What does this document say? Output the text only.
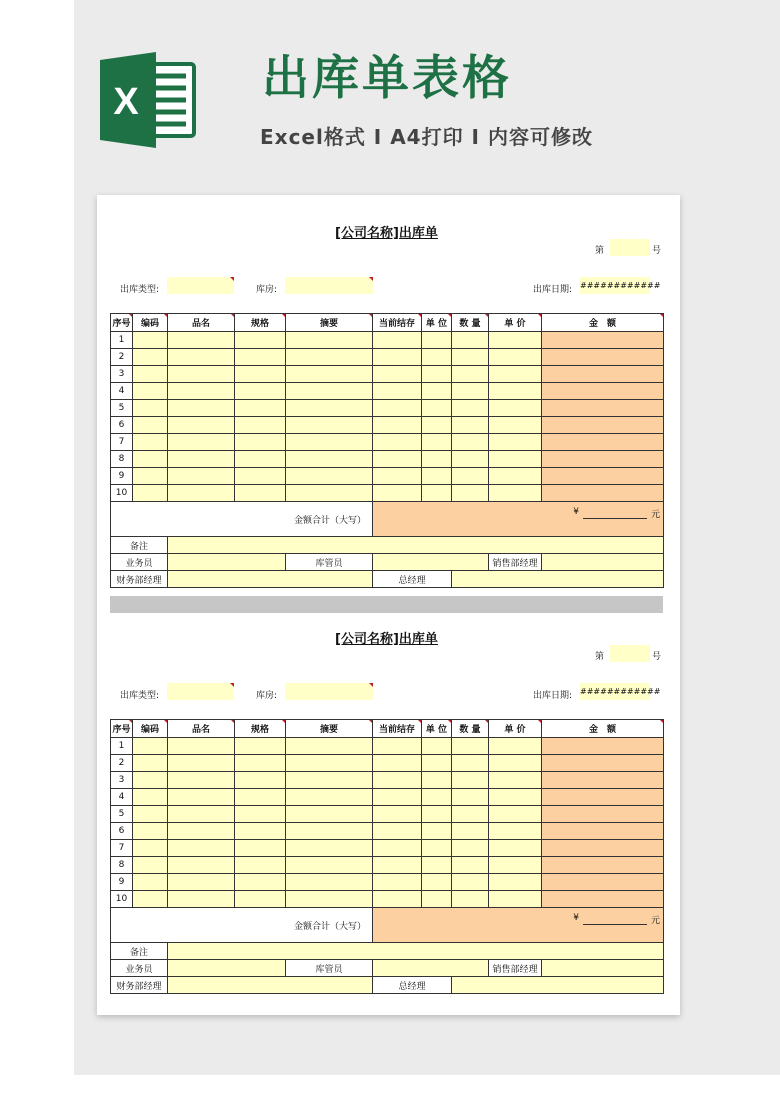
X	出库单表格
Excel格式 I A4打印 I 内容可修改
[公司名称]出库单
第	号
出库类型:	库房:	出库日期: ############
序号	编码	品名	规格	摘要	当前结存	单 位	数 量	单 价	金　额
1									
2									
3									
4									
5									
6									
7									
8									
9									
10									
金额合计（大写）					¥ 元				

备注									
业务员				库管员				销售部经理	
财务部经理					总经理				
[公司名称]出库单
第	号
出库类型:	库房:	出库日期: ############
序号	编码	品名	规格	摘要	当前结存	单 位	数 量	单 价	金　额
1									
2									
3									
4									
5									
6									
7									
8									
9									
10									
金额合计（大写）					¥ 元				

备注									
业务员				库管员				销售部经理	
财务部经理					总经理				
